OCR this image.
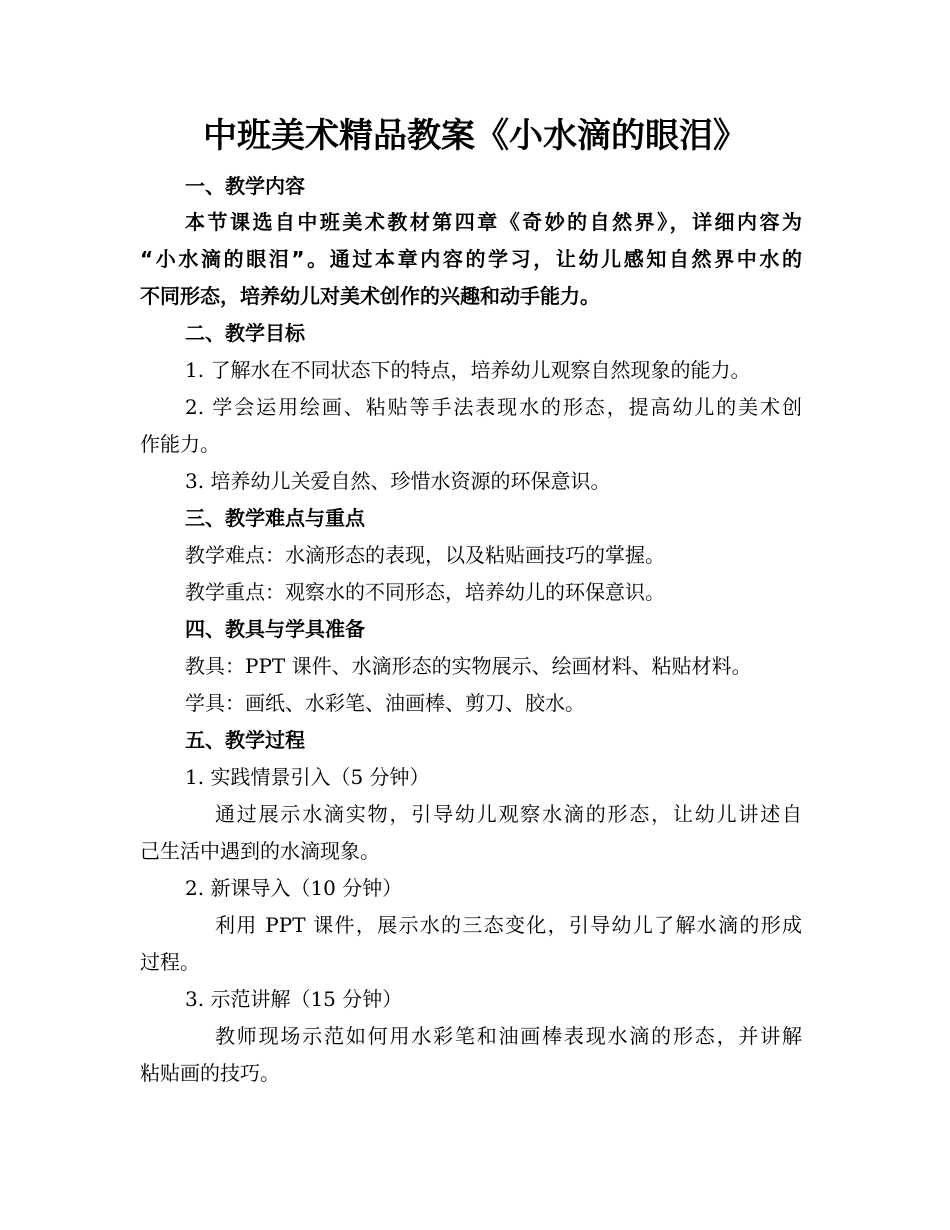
中班美术精品教案《小水滴的眼泪》
一、教学内容
本节课选自中班美术教材第四章《奇妙的自然界》，详细内容为
“小水滴的眼泪”。通过本章内容的学习，让幼儿感知自然界中水的
不同形态，培养幼儿对美术创作的兴趣和动手能力。
二、教学目标
1. 了解水在不同状态下的特点，培养幼儿观察自然现象的能力。
2. 学会运用绘画、粘贴等手法表现水的形态，提高幼儿的美术创
作能力。
3. 培养幼儿关爱自然、珍惜水资源的环保意识。
三、教学难点与重点
教学难点：水滴形态的表现，以及粘贴画技巧的掌握。
教学重点：观察水的不同形态，培养幼儿的环保意识。
四、教具与学具准备
教具：PPT 课件、水滴形态的实物展示、绘画材料、粘贴材料。
学具：画纸、水彩笔、油画棒、剪刀、胶水。
五、教学过程
1. 实践情景引入（5 分钟）
通过展示水滴实物，引导幼儿观察水滴的形态，让幼儿讲述自
己生活中遇到的水滴现象。
2. 新课导入（10 分钟）
利用 PPT 课件，展示水的三态变化，引导幼儿了解水滴的形成
过程。
3. 示范讲解（15 分钟）
教师现场示范如何用水彩笔和油画棒表现水滴的形态，并讲解
粘贴画的技巧。
